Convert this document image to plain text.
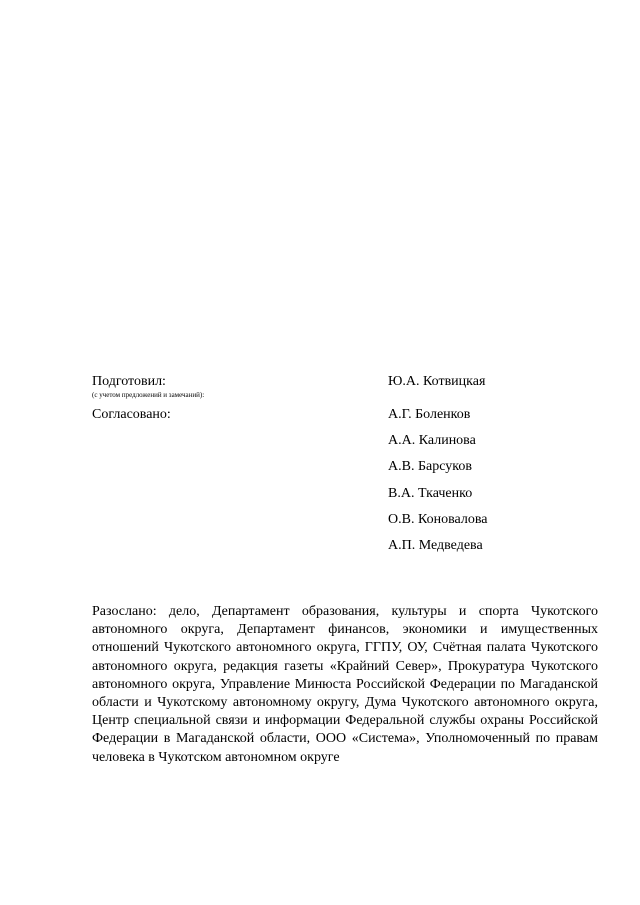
Подготовил:	Ю.А. Котвицкая
(с учетом предложений и замечаний):
Согласовано:	А.Г. Боленков
А.А. Калинова
А.В. Барсуков
В.А. Ткаченко
О.В. Коновалова
А.П. Медведева
Разослано: дело, Департамент образования, культуры и спорта Чукотского автономного округа, Департамент финансов, экономики и имущественных отношений Чукотского автономного округа, ГГПУ, ОУ, Счётная палата Чукотского автономного округа, редакция газеты «Крайний Север», Прокуратура Чукотского автономного округа, Управление Минюста Российской Федерации по Магаданской области и Чукотскому автономному округу, Дума Чукотского автономного округа, Центр специальной связи и информации Федеральной службы охраны Российской Федерации в Магаданской области, ООО «Система», Уполномоченный по правам человека в Чукотском автономном округе
